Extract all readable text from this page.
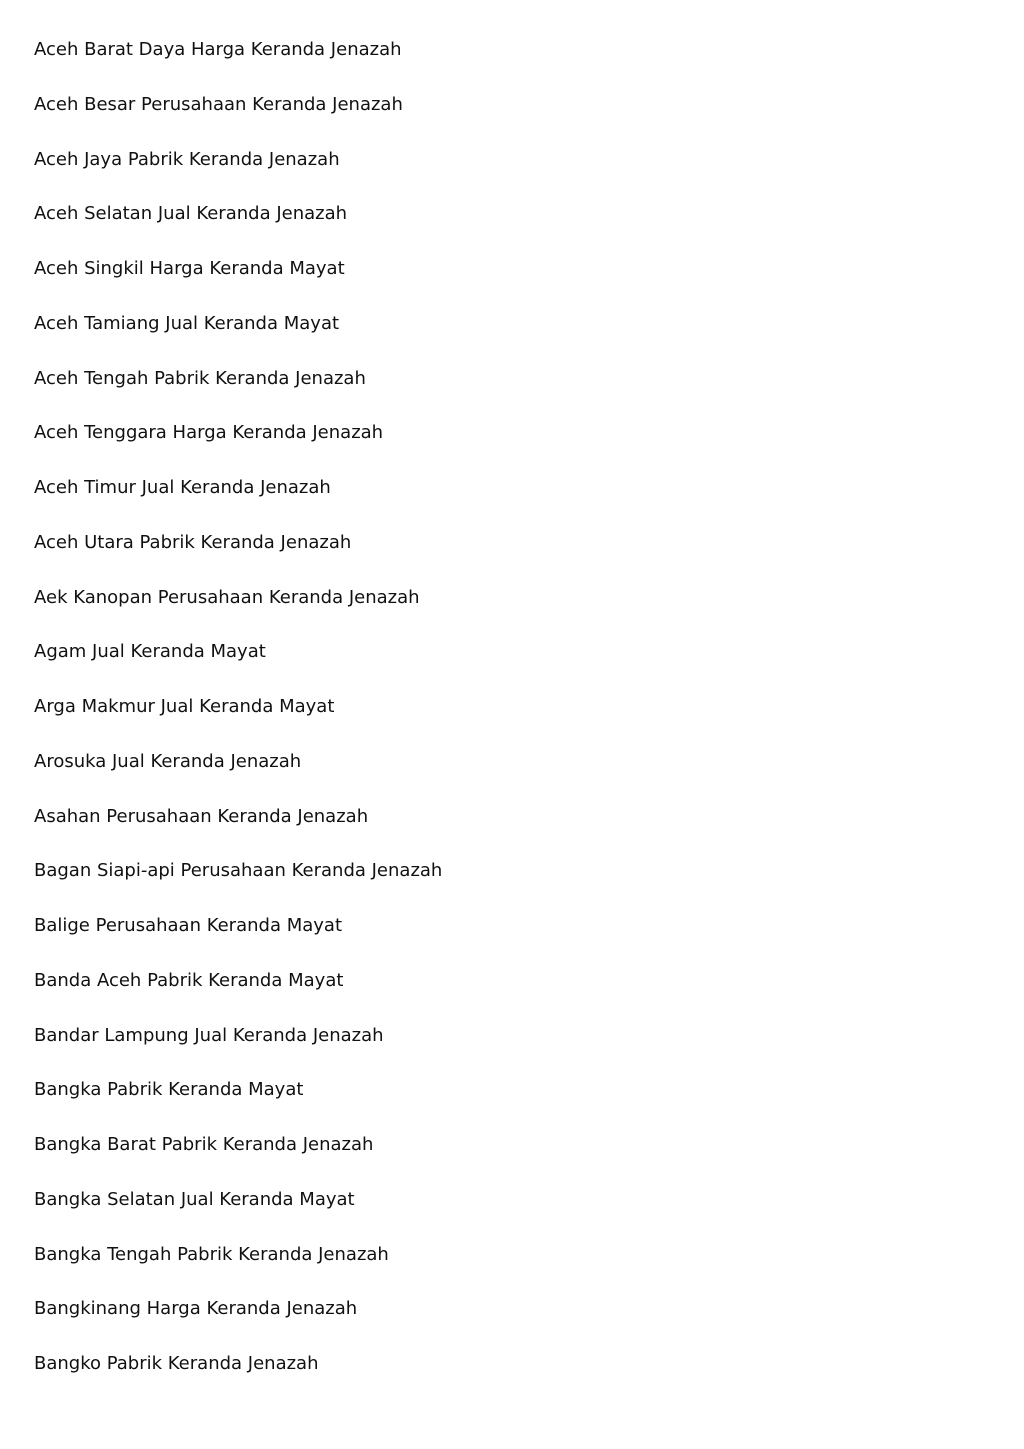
Aceh Barat Daya Harga Keranda Jenazah
Aceh Besar Perusahaan Keranda Jenazah
Aceh Jaya Pabrik Keranda Jenazah
Aceh Selatan Jual Keranda Jenazah
Aceh Singkil Harga Keranda Mayat
Aceh Tamiang Jual Keranda Mayat
Aceh Tengah Pabrik Keranda Jenazah
Aceh Tenggara Harga Keranda Jenazah
Aceh Timur Jual Keranda Jenazah
Aceh Utara Pabrik Keranda Jenazah
Aek Kanopan Perusahaan Keranda Jenazah
Agam Jual Keranda Mayat
Arga Makmur Jual Keranda Mayat
Arosuka Jual Keranda Jenazah
Asahan Perusahaan Keranda Jenazah
Bagan Siapi-api Perusahaan Keranda Jenazah
Balige Perusahaan Keranda Mayat
Banda Aceh Pabrik Keranda Mayat
Bandar Lampung Jual Keranda Jenazah
Bangka Pabrik Keranda Mayat
Bangka Barat Pabrik Keranda Jenazah
Bangka Selatan Jual Keranda Mayat
Bangka Tengah Pabrik Keranda Jenazah
Bangkinang Harga Keranda Jenazah
Bangko Pabrik Keranda Jenazah
